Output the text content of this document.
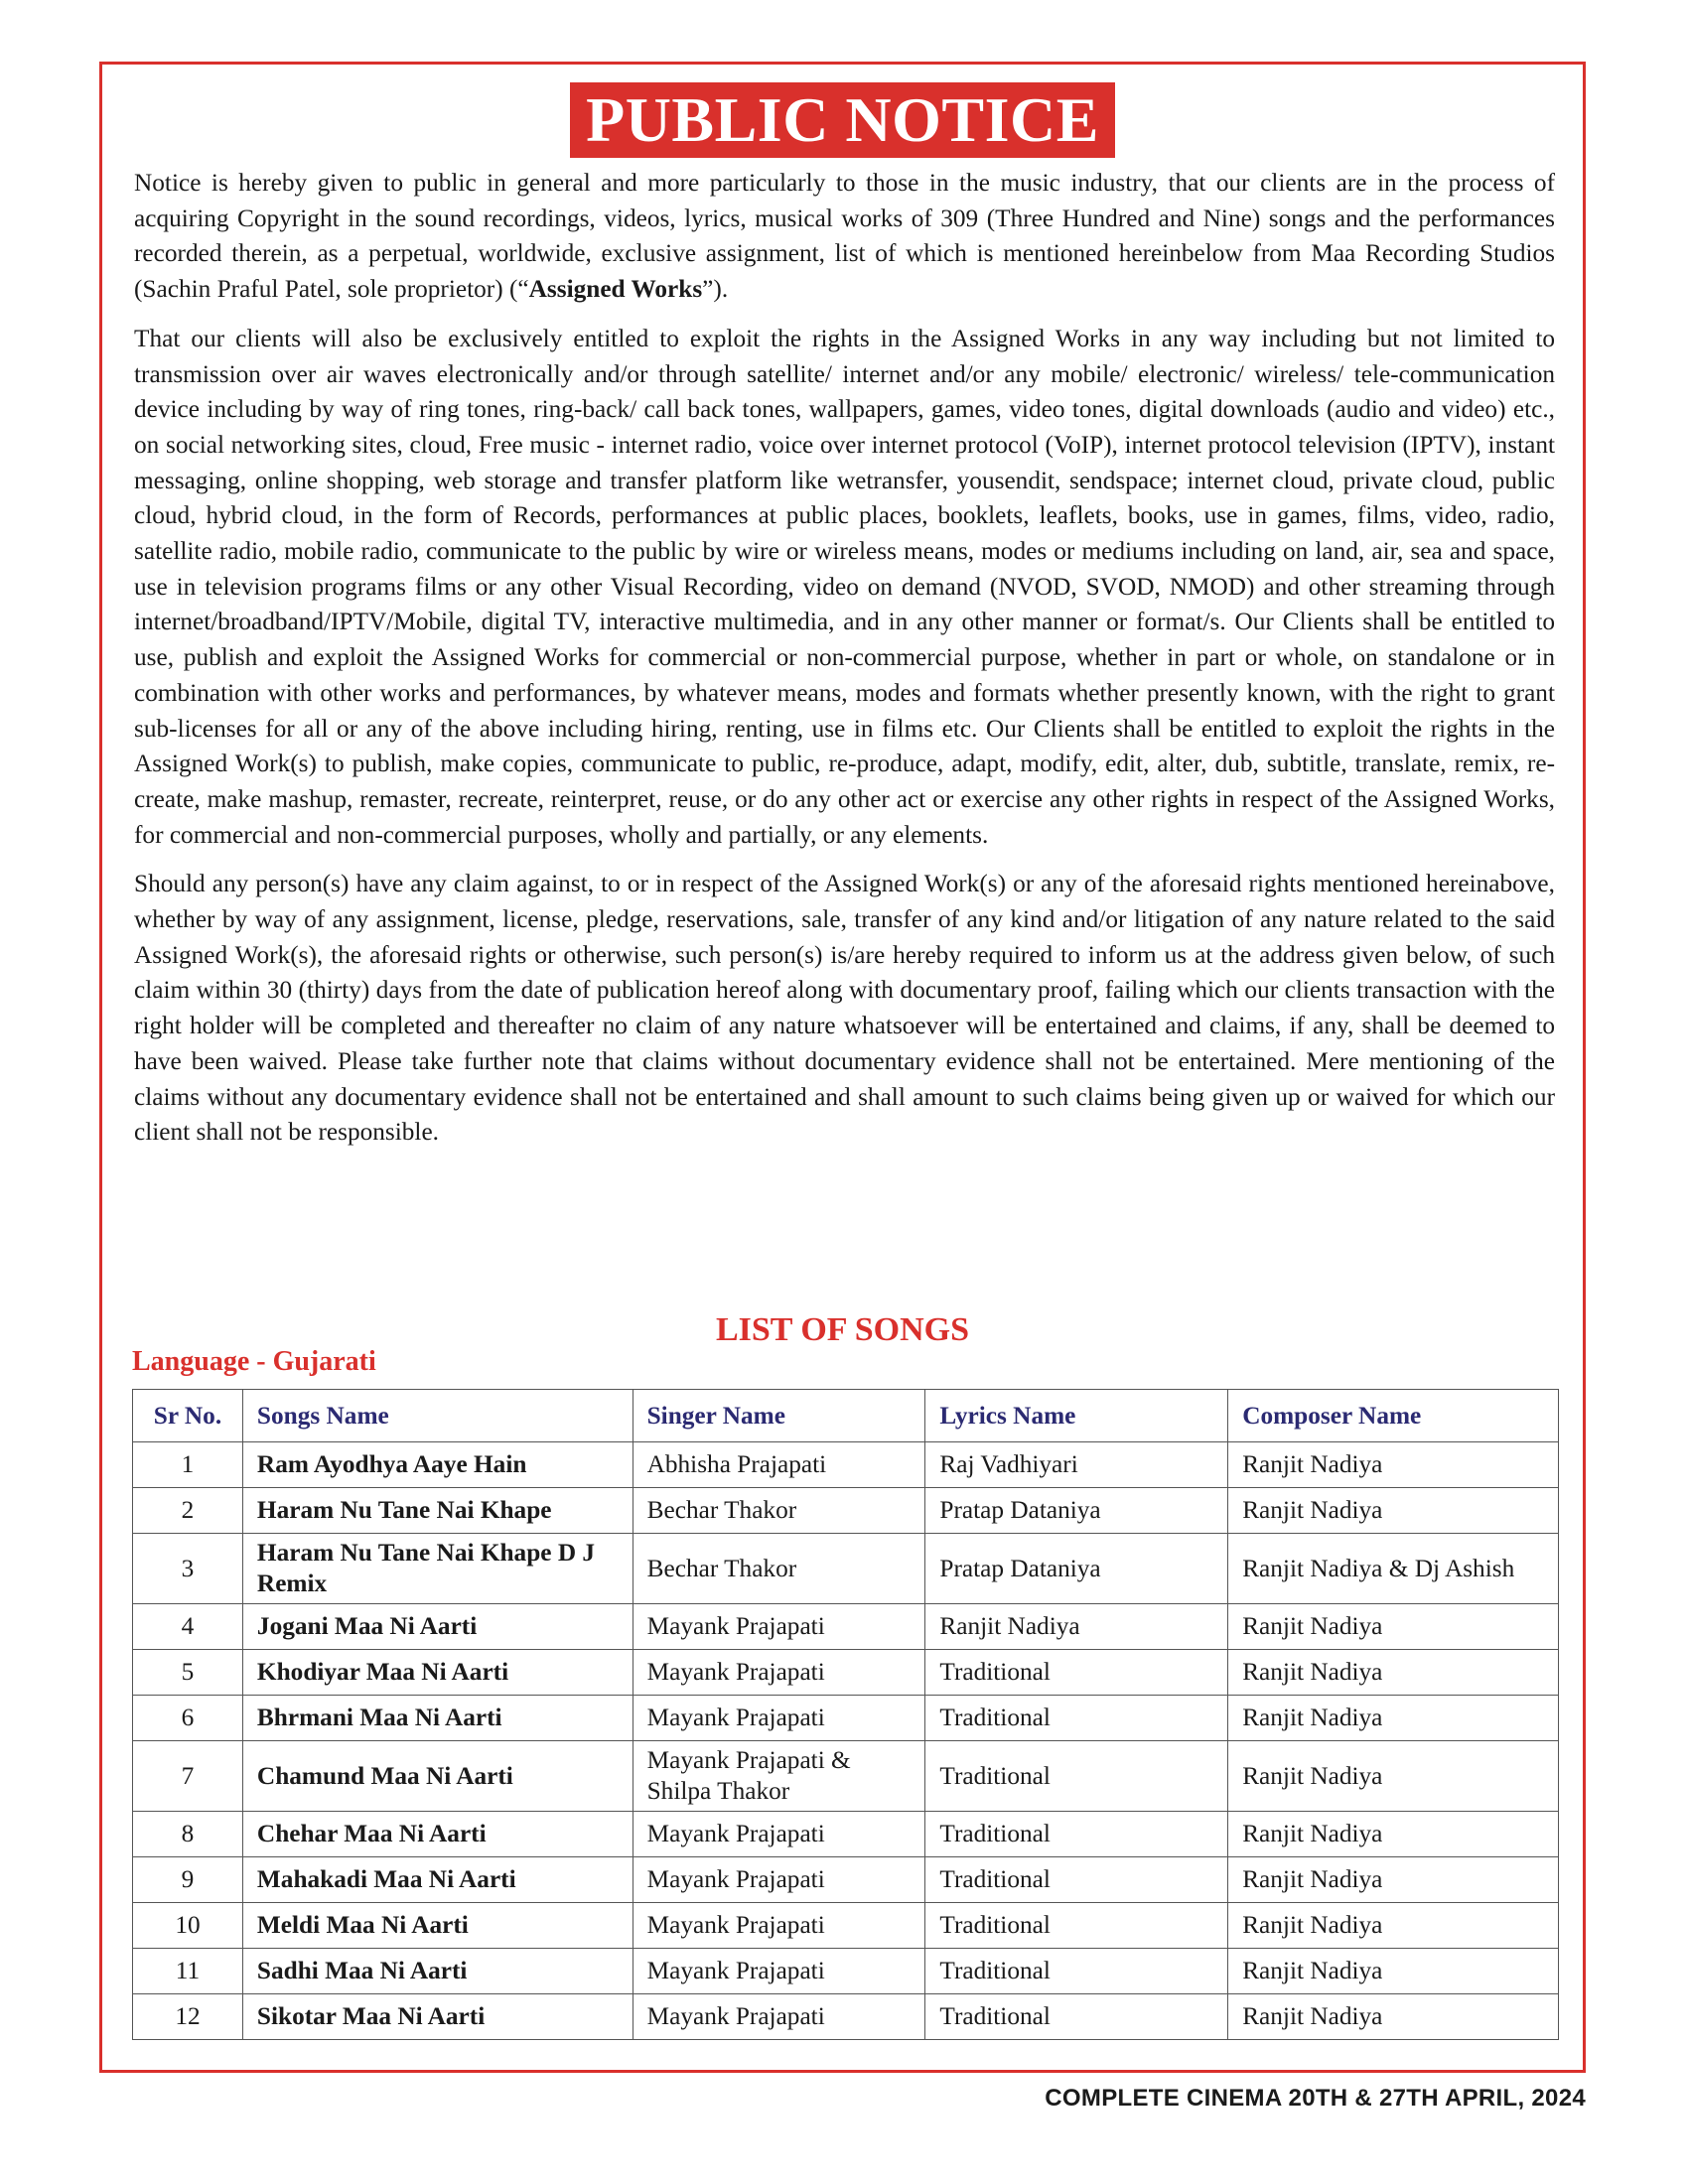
PUBLIC NOTICE

Notice is hereby given to public in general and more particularly to those in the music industry, that our clients are in the process of acquiring Copyright in the sound recordings, videos, lyrics, musical works of 309 (Three Hundred and Nine) songs and the performances recorded therein, as a perpetual, worldwide, exclusive assignment, list of which is mentioned hereinbelow from Maa Recording Studios (Sachin Praful Patel, sole proprietor) (“Assigned Works”).

That our clients will also be exclusively entitled to exploit the rights in the Assigned Works in any way including but not limited to transmission over air waves electronically and/or through satellite/ internet and/or any mobile/ electronic/ wireless/ tele-communication device including by way of ring tones, ring-back/ call back tones, wallpapers, games, video tones, digital downloads (audio and video) etc., on social networking sites, cloud, Free music - internet radio, voice over internet protocol (VoIP), internet protocol television (IPTV), instant messaging, online shopping, web storage and transfer platform like wetransfer, yousendit, sendspace; internet cloud, private cloud, public cloud, hybrid cloud, in the form of Records, performances at public places, booklets, leaflets, books, use in games, films, video, radio, satellite radio, mobile radio, communicate to the public by wire or wireless means, modes or mediums including on land, air, sea and space, use in television programs films or any other Visual Recording, video on demand (NVOD, SVOD, NMOD) and other streaming through internet/broadband/IPTV/Mobile, digital TV, interactive multimedia, and in any other manner or format/s. Our Clients shall be entitled to use, publish and exploit the Assigned Works for commercial or non-commercial purpose, whether in part or whole, on standalone or in combination with other works and performances, by whatever means, modes and formats whether presently known, with the right to grant sub-licenses for all or any of the above including hiring, renting, use in films etc. Our Clients shall be entitled to exploit the rights in the Assigned Work(s) to publish, make copies, communicate to public, re-produce, adapt, modify, edit, alter, dub, subtitle, translate, remix, re-create, make mashup, remaster, recreate, reinterpret, reuse, or do any other act or exercise any other rights in respect of the Assigned Works, for commercial and non-commercial purposes, wholly and partially, or any elements.

Should any person(s) have any claim against, to or in respect of the Assigned Work(s) or any of the aforesaid rights mentioned hereinabove, whether by way of any assignment, license, pledge, reservations, sale, transfer of any kind and/or litigation of any nature related to the said Assigned Work(s), the aforesaid rights or otherwise, such person(s) is/are hereby required to inform us at the address given below, of such claim within 30 (thirty) days from the date of publication hereof along with documentary proof, failing which our clients transaction with the right holder will be completed and thereafter no claim of any nature whatsoever will be entertained and claims, if any, shall be deemed to have been waived. Please take further note that claims without documentary evidence shall not be entertained. Mere mentioning of the claims without any documentary evidence shall not be entertained and shall amount to such claims being given up or waived for which our client shall not be responsible.

LIST OF SONGS
Language - Gujarati
Sr No.	Songs Name	Singer Name	Lyrics Name	Composer Name
1	Ram Ayodhya Aaye Hain	Abhisha Prajapati	Raj Vadhiyari	Ranjit Nadiya
2	Haram Nu Tane Nai Khape	Bechar Thakor	Pratap Dataniya	Ranjit Nadiya
3	Haram Nu Tane Nai Khape D J Remix	Bechar Thakor	Pratap Dataniya	Ranjit Nadiya & Dj Ashish
4	Jogani Maa Ni Aarti	Mayank Prajapati	Ranjit Nadiya	Ranjit Nadiya
5	Khodiyar Maa Ni Aarti	Mayank Prajapati	Traditional	Ranjit Nadiya
6	Bhrmani Maa Ni Aarti	Mayank Prajapati	Traditional	Ranjit Nadiya
7	Chamund Maa Ni Aarti	Mayank Prajapati & Shilpa Thakor	Traditional	Ranjit Nadiya
8	Chehar Maa Ni Aarti	Mayank Prajapati	Traditional	Ranjit Nadiya
9	Mahakadi Maa Ni Aarti	Mayank Prajapati	Traditional	Ranjit Nadiya
10	Meldi Maa Ni Aarti	Mayank Prajapati	Traditional	Ranjit Nadiya
11	Sadhi Maa Ni Aarti	Mayank Prajapati	Traditional	Ranjit Nadiya
12	Sikotar Maa Ni Aarti	Mayank Prajapati	Traditional	Ranjit Nadiya
COMPLETE CINEMA 20TH & 27TH APRIL, 2024
